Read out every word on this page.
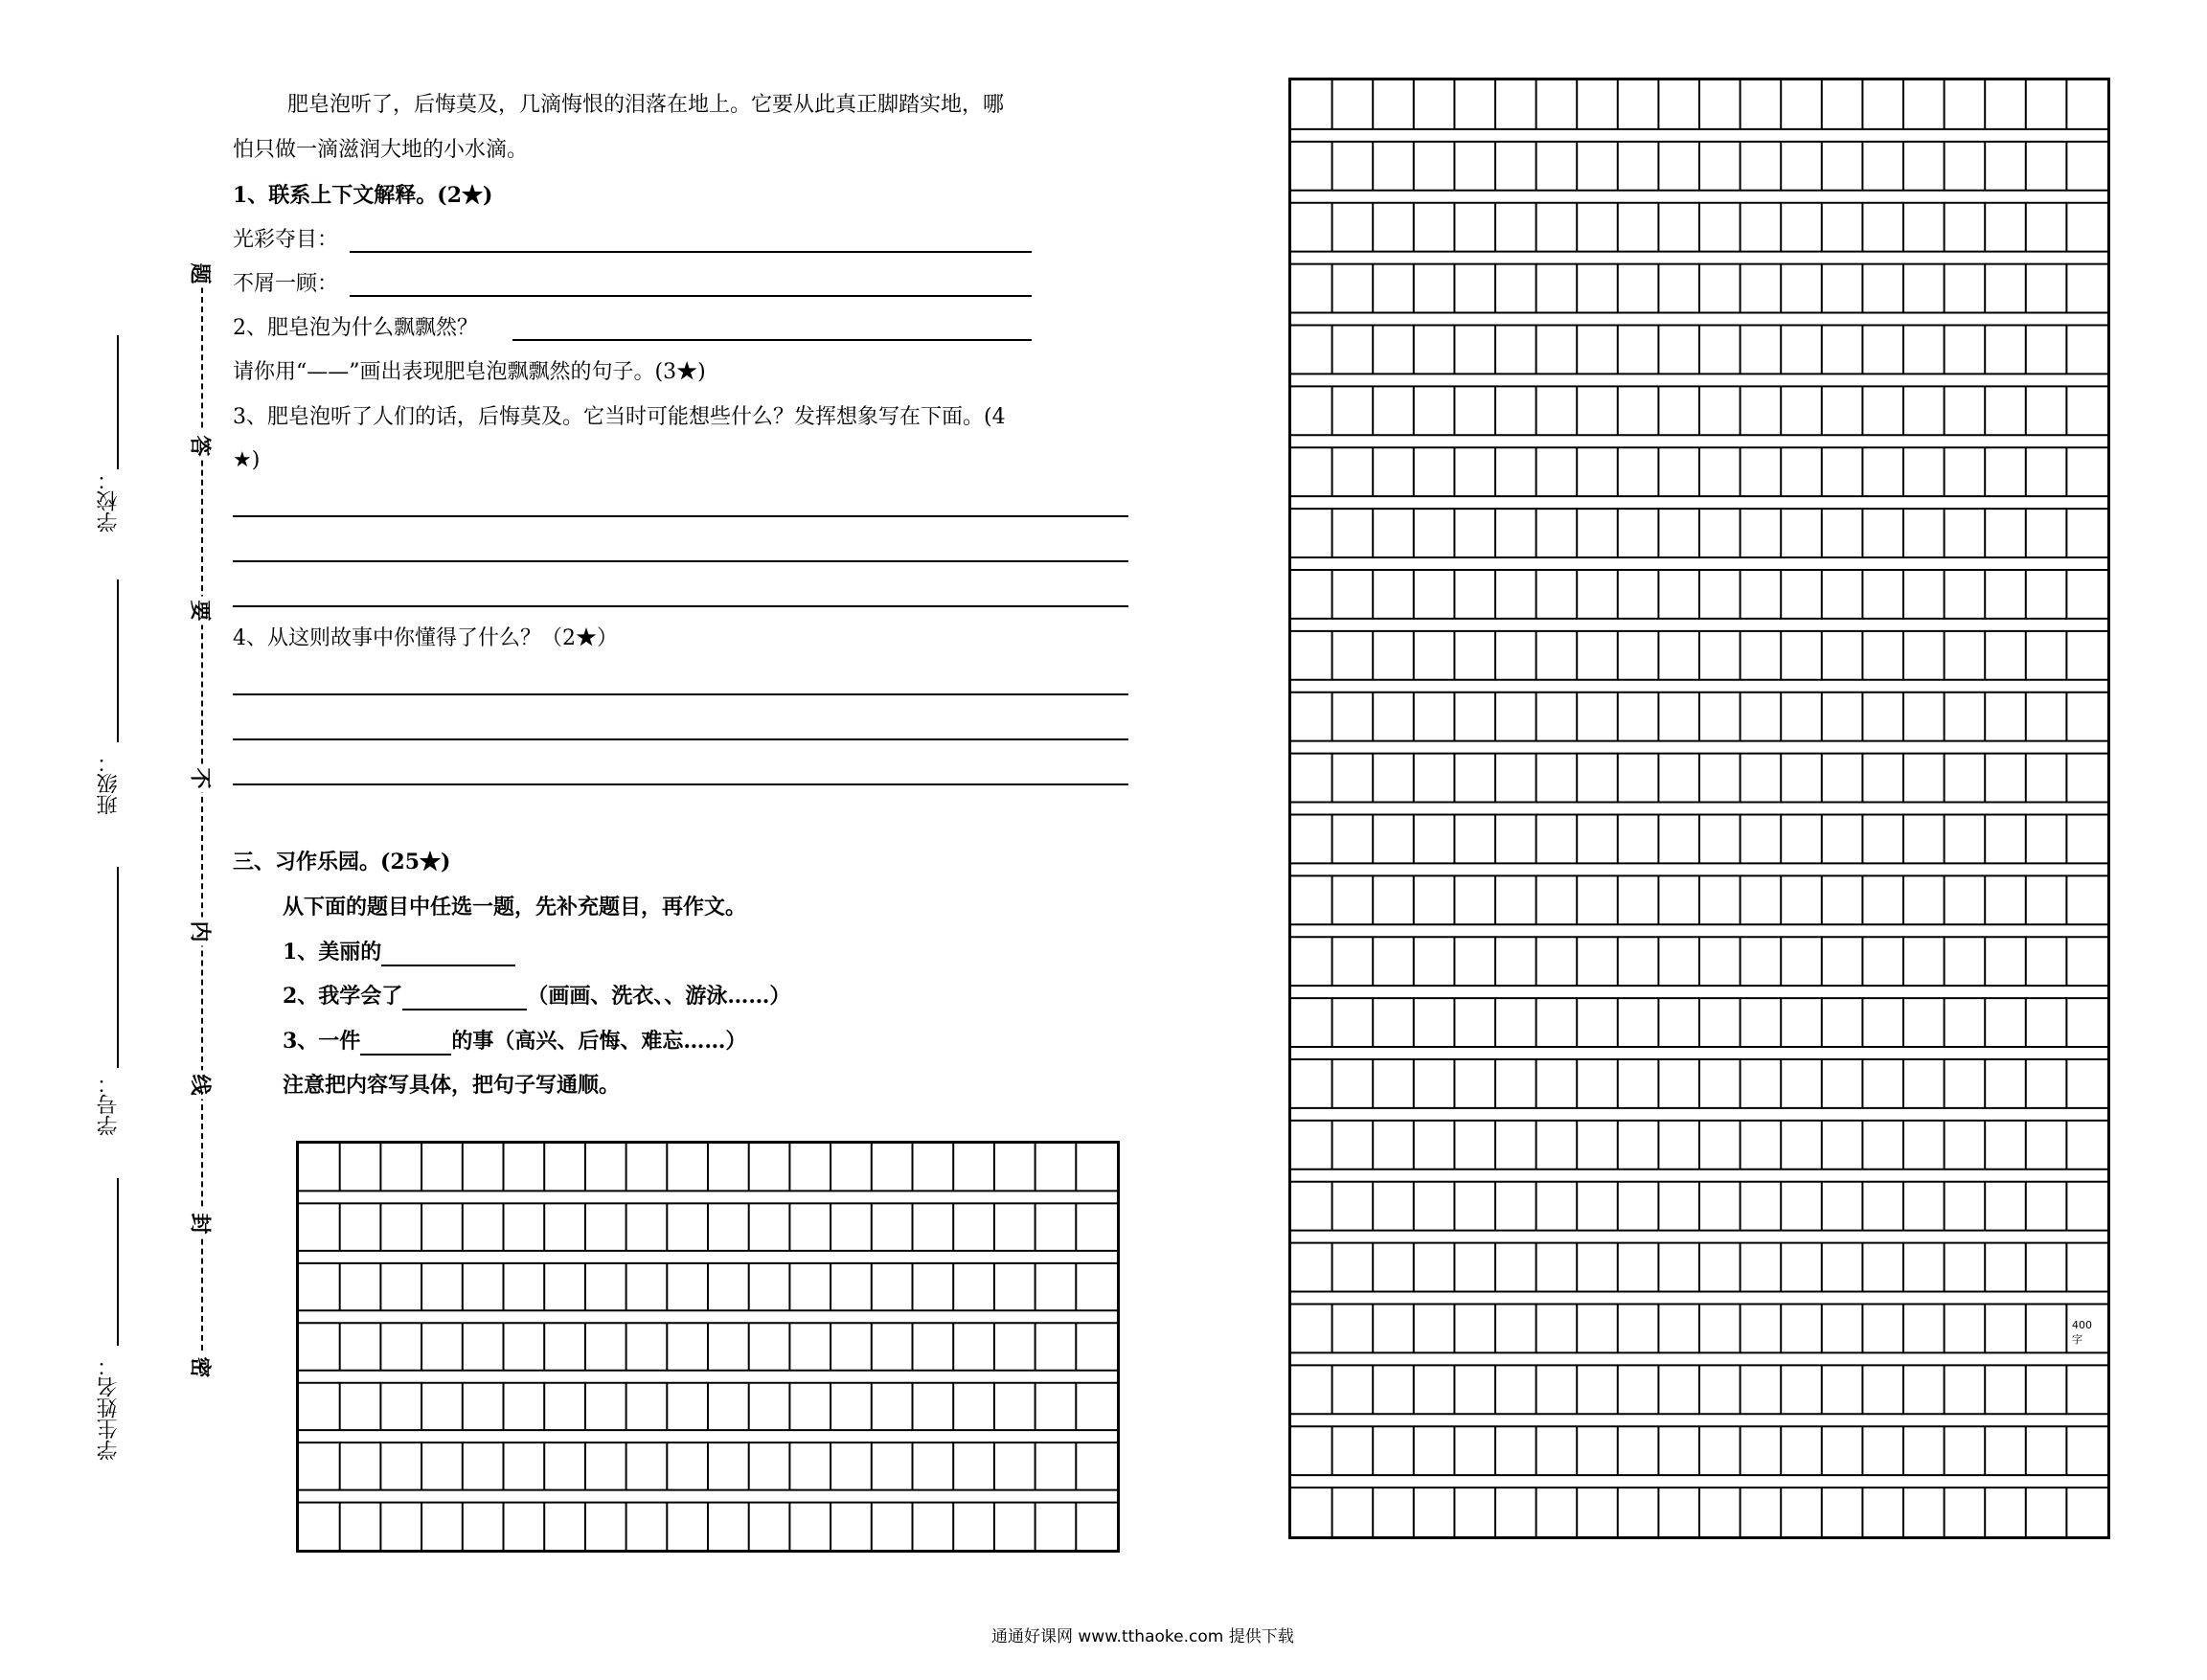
学校：
班级：
学号：
学生姓名：	密
封
线
内
不
要
答
题
肥皂泡听了，后悔莫及，几滴悔恨的泪落在地上。它要从此真正脚踏实地，哪
怕只做一滴滋润大地的小水滴。
1、联系上下文解释。(2★)
光彩夺目：
不屑一顾：
2、肥皂泡为什么飘飘然？
请你用“——”画出表现肥皂泡飘飘然的句子。(3★)
3、肥皂泡听了人们的话，后悔莫及。它当时可能想些什么？发挥想象写在下面。(4
★)
4、从这则故事中你懂得了什么？（2★）
三、习作乐园。(25★)
从下面的题目中任选一题，先补充题目，再作文。
1、美丽的
2、我学会了	（画画、洗衣、、游泳……）
3、一件	的事（高兴、后悔、难忘……）
注意把内容写具体，把句子写通顺。
400 字
通通好课网 www.tthaoke.com 提供下载
